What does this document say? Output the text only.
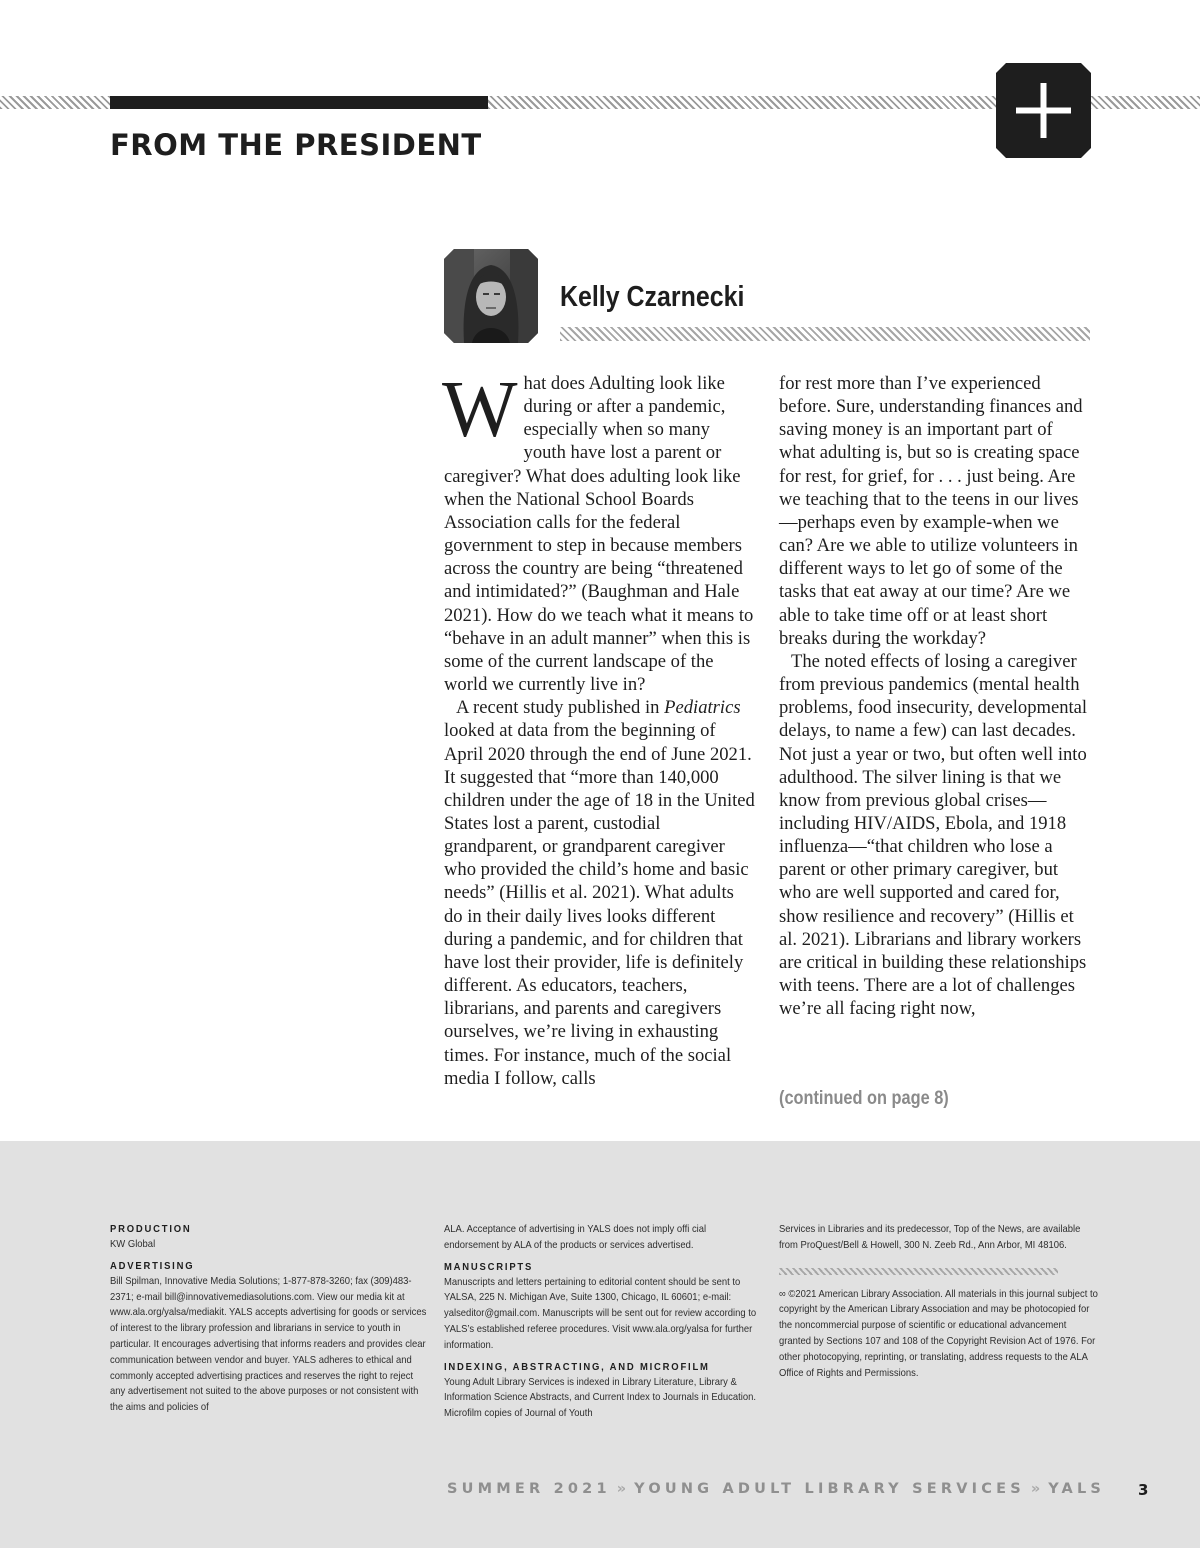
FROM THE PRESIDENT
Kelly Czarnecki

What does Adulting look like during or after a pandemic, especially when so many youth have lost a parent or caregiver? What does adulting look like when the National School Boards Association calls for the federal government to step in because members across the country are being “threatened and intimidated?” (Baughman and Hale 2021). How do we teach what it means to “behave in an adult manner” when this is some of the current landscape of the world we currently live in?

A recent study published in Pediatrics looked at data from the beginning of April 2020 through the end of June 2021. It suggested that “more than 140,000 children under the age of 18 in the United States lost a parent, custodial grandparent, or grandparent caregiver who provided the child’s home and basic needs” (Hillis et al. 2021). What adults do in their daily lives looks different during a pandemic, and for children that have lost their provider, life is definitely different. As educators, teachers, librarians, and parents and caregivers ourselves, we’re living in exhausting times. For instance, much of the social media I follow, calls

for rest more than I’ve experienced before. Sure, understanding finances and saving money is an important part of what adulting is, but so is creating space for rest, for grief, for . . . just being. Are we teaching that to the teens in our lives—perhaps even by example-when we can? Are we able to utilize volunteers in different ways to let go of some of the tasks that eat away at our time? Are we able to take time off or at least short breaks during the workday?

The noted effects of losing a caregiver from previous pandemics (mental health problems, food insecurity, developmental delays, to name a few) can last decades. Not just a year or two, but often well into adulthood. The silver lining is that we know from previous global crises—including HIV/AIDS, Ebola, and 1918 influenza—“that children who lose a parent or other primary caregiver, but who are well supported and cared for, show resilience and recovery” (Hillis et al. 2021). Librarians and library workers are critical in building these relationships with teens. There are a lot of challenges we’re all facing right now,

(continued on page 8)
PRODUCTION
KW Global
ADVERTISING
Bill Spilman, Innovative Media Solutions; 1-877-878-3260; fax (309)483-2371; e-mail bill@innovativemediasolutions.com. View our media kit at www.ala.org/yalsa/mediakit. YALS accepts advertising for goods or services of interest to the library profession and librarians in service to youth in particular. It encourages advertising that informs readers and provides clear communication between vendor and buyer. YALS adheres to ethical and commonly accepted advertising practices and reserves the right to reject any advertisement not suited to the above purposes or not consistent with the aims and policies of
ALA. Acceptance of advertising in YALS does not imply offi cial endorsement by ALA of the products or services advertised.
MANUSCRIPTS
Manuscripts and letters pertaining to editorial content should be sent to YALSA, 225 N. Michigan Ave, Suite 1300, Chicago, IL 60601; e-mail: yalseditor@gmail.com. Manuscripts will be sent out for review according to YALS’s established referee procedures. Visit www.ala.org/yalsa for further information.
INDEXING, ABSTRACTING, AND MICROFILM
Young Adult Library Services is indexed in Library Literature, Library & Information Science Abstracts, and Current Index to Journals in Education. Microfilm copies of Journal of Youth
Services in Libraries and its predecessor, Top of the News, are available from ProQuest/Bell & Howell, 300 N. Zeeb Rd., Ann Arbor, MI 48106.
∞ ©2021 American Library Association. All materials in this journal subject to copyright by the American Library Association and may be photocopied for the noncommercial purpose of scientific or educational advancement granted by Sections 107 and 108 of the Copyright Revision Act of 1976. For other photocopying, reprinting, or translating, address requests to the ALA Office of Rights and Permissions.
SUMMER 2021 » YOUNG ADULT LIBRARY SERVICES » YALS 3
